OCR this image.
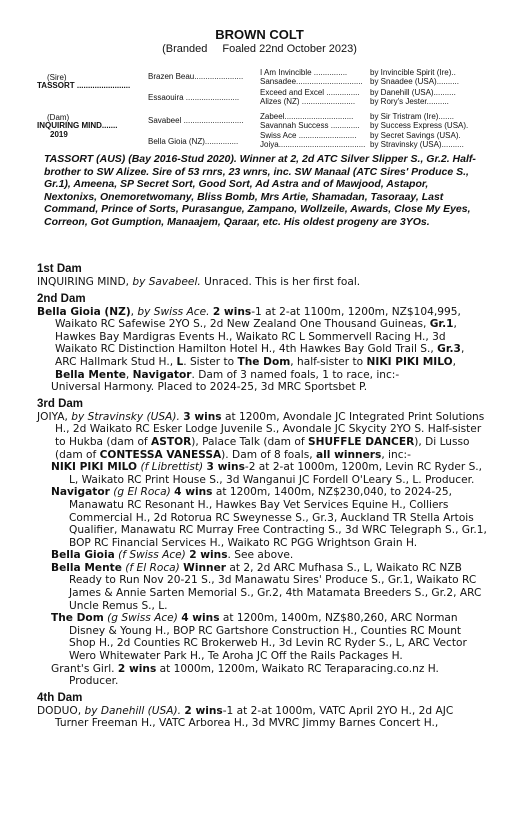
BROWN COLT
(Branded Foaled 22nd October 2023)
(Sire)
TASSORT ........................
(Dam)
INQUIRING MIND.......
2019
Brazen Beau......................
Essaouira ........................
Savabeel ...........................
Bella Gioia (NZ)...............
I Am Invincible ...............
Sansadee..............................
Exceed and Excel ...............
Alizes (NZ) ........................
Zabeel...............................
Savannah Success .............
Swiss Ace ..........................
Joiya.......................................
by Invincible Spirit (Ire)..
by Snaadee (USA)..........
by Danehill (USA)..........
by Rory's Jester..........
by Sir Tristram (Ire).......
by Success Express (USA).
by Secret Savings (USA).
by Stravinsky (USA)..........
TASSORT (AUS) (Bay 2016-Stud 2020). Winner at 2, 2d ATC Silver Slipper S., Gr.2. Half-brother to SW Alizee. Sire of 53 rnrs, 23 wnrs, inc. SW Manaal (ATC Sires' Produce S., Gr.1), Ameena, SP Secret Sort, Good Sort, Ad Astra and of Mawjood, Astapor, Nextonixs, Onemoretwomany, Bliss Bomb, Mrs Artie, Shamadan, Tasoraay, Last Command, Prince of Sorts, Purasangue, Zampano, Wollzeile, Awards, Close My Eyes, Correon, Got Gumption, Manaajem, Qaraar, etc. His oldest progeny are 3YOs.
1st Dam

INQUIRING MIND, by Savabeel. Unraced. This is her first foal.

2nd Dam

Bella Gioia (NZ), by Swiss Ace. 2 wins-1 at 2-at 1100m, 1200m, NZ$104,995, Waikato RC Safewise 2YO S., 2d New Zealand One Thousand Guineas, Gr.1, Hawkes Bay Mardigras Events H., Waikato RC L Sommervell Racing H., 3d Waikato RC Distinction Hamilton Hotel H., 4th Hawkes Bay Gold Trail S., Gr.3, ARC Hallmark Stud H., L. Sister to The Dom, half-sister to NIKI PIKI MILO, Bella Mente, Navigator. Dam of 3 named foals, 1 to race, inc:-

Universal Harmony. Placed to 2024-25, 3d MRC Sportsbet P.

3rd Dam

JOIYA, by Stravinsky (USA). 3 wins at 1200m, Avondale JC Integrated Print Solutions H., 2d Waikato RC Esker Lodge Juvenile S., Avondale JC Skycity 2YO S. Half-sister to Hukba (dam of ASTOR), Palace Talk (dam of SHUFFLE DANCER), Di Lusso (dam of CONTESSA VANESSA). Dam of 8 foals, all winners, inc:-

NIKI PIKI MILO (f Librettist) 3 wins-2 at 2-at 1000m, 1200m, Levin RC Ryder S., L, Waikato RC Print House S., 3d Wanganui JC Fordell O'Leary S., L. Producer.

Navigator (g El Roca) 4 wins at 1200m, 1400m, NZ$230,040, to 2024-25, Manawatu RC Resonant H., Hawkes Bay Vet Services Equine H., Colliers Commercial H., 2d Rotorua RC Sweynesse S., Gr.3, Auckland TR Stella Artois Qualifier, Manawatu RC Murray Free Contracting S., 3d WRC Telegraph S., Gr.1, BOP RC Financial Services H., Waikato RC PGG Wrightson Grain H.

Bella Gioia (f Swiss Ace) 2 wins. See above.

Bella Mente (f El Roca) Winner at 2, 2d ARC Mufhasa S., L, Waikato RC NZB Ready to Run Nov 20-21 S., 3d Manawatu Sires' Produce S., Gr.1, Waikato RC James & Annie Sarten Memorial S., Gr.2, 4th Matamata Breeders S., Gr.2, ARC Uncle Remus S., L.

The Dom (g Swiss Ace) 4 wins at 1200m, 1400m, NZ$80,260, ARC Norman Disney & Young H., BOP RC Gartshore Construction H., Counties RC Mount Shop H., 2d Counties RC Brokerweb H., 3d Levin RC Ryder S., L, ARC Vector Wero Whitewater Park H., Te Aroha JC Off the Rails Packages H.

Grant's Girl. 2 wins at 1000m, 1200m, Waikato RC Teraparacing.co.nz H. Producer.

4th Dam

DODUO, by Danehill (USA). 2 wins-1 at 2-at 1000m, VATC April 2YO H., 2d AJC Turner Freeman H., VATC Arborea H., 3d MVRC Jimmy Barnes Concert H.,
